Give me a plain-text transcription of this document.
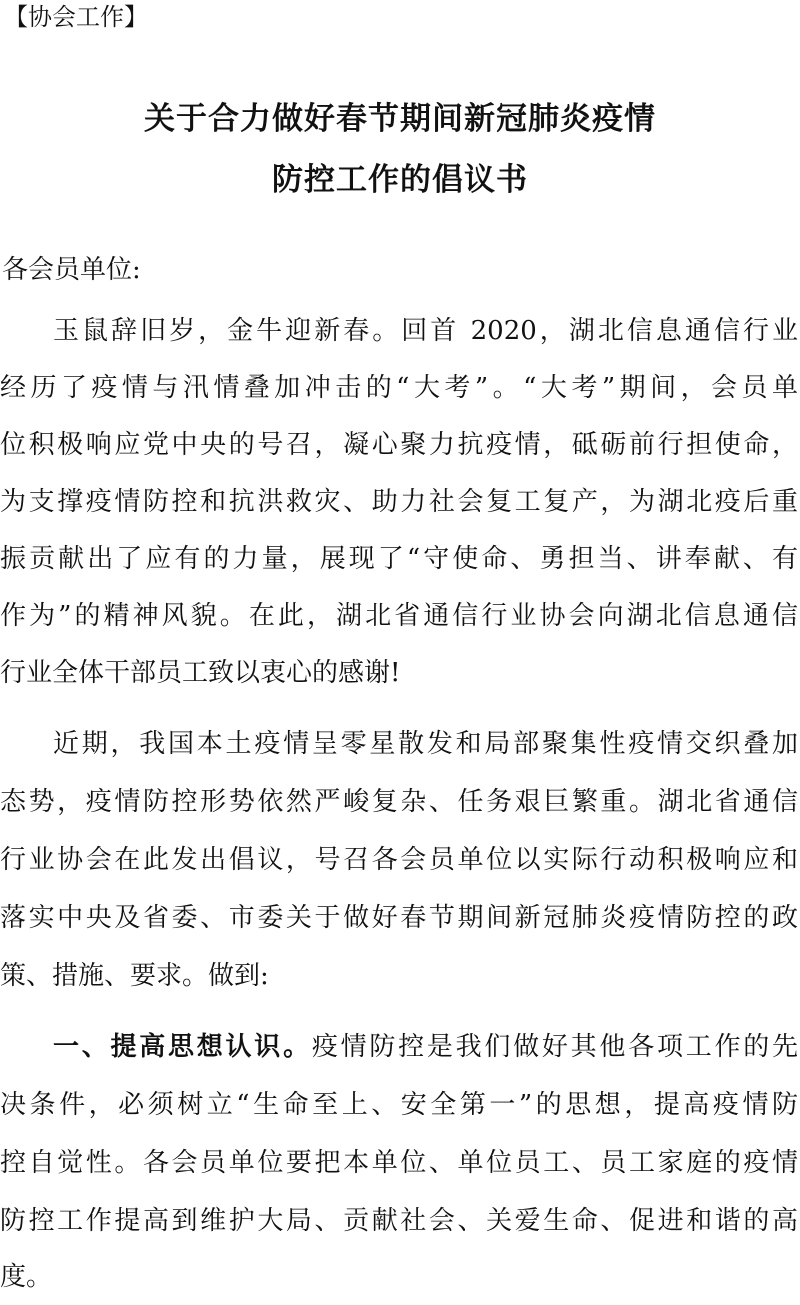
【协会工作】
关于合力做好春节期间新冠肺炎疫情
防控工作的倡议书
各会员单位:
玉鼠辞旧岁，金牛迎新春。回首 2020，湖北信息通信行业
经历了疫情与汛情叠加冲击的“大考”。“大考”期间，会员单
位积极响应党中央的号召，凝心聚力抗疫情，砥砺前行担使命，
为支撑疫情防控和抗洪救灾、助力社会复工复产，为湖北疫后重
振贡献出了应有的力量，展现了“守使命、勇担当、讲奉献、有
作为”的精神风貌。在此，湖北省通信行业协会向湖北信息通信
行业全体干部员工致以衷心的感谢!
近期，我国本土疫情呈零星散发和局部聚集性疫情交织叠加
态势，疫情防控形势依然严峻复杂、任务艰巨繁重。湖北省通信
行业协会在此发出倡议，号召各会员单位以实际行动积极响应和
落实中央及省委、市委关于做好春节期间新冠肺炎疫情防控的政
策、措施、要求。做到:
一、提高思想认识。疫情防控是我们做好其他各项工作的先
决条件，必须树立“生命至上、安全第一”的思想，提高疫情防
控自觉性。各会员单位要把本单位、单位员工、员工家庭的疫情
防控工作提高到维护大局、贡献社会、关爱生命、促进和谐的高
度。
